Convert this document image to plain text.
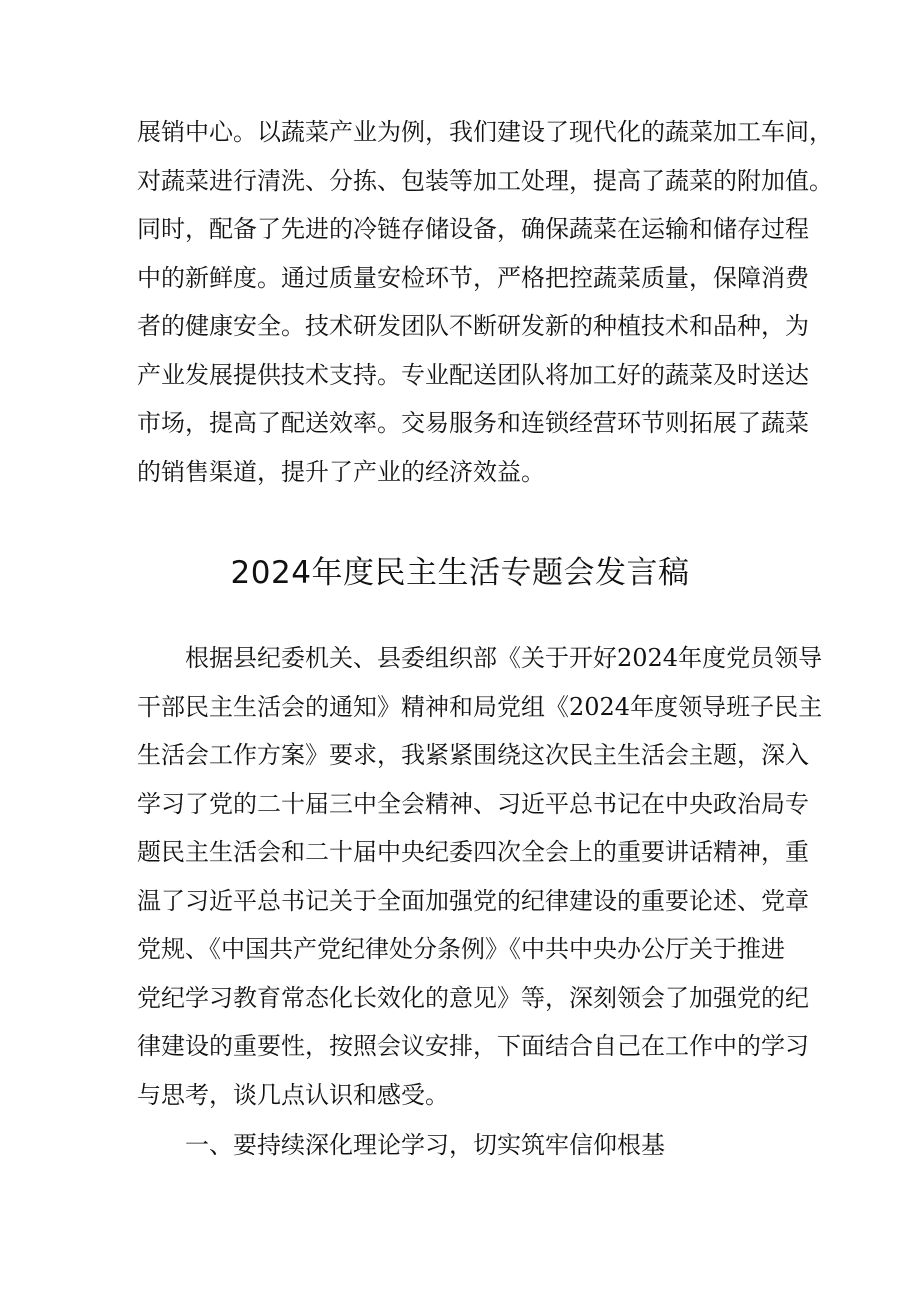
展销中心。以蔬菜产业为例，我们建设了现代化的蔬菜加工车间，
对蔬菜进行清洗、分拣、包装等加工处理，提高了蔬菜的附加值。
同时，配备了先进的冷链存储设备，确保蔬菜在运输和储存过程
中的新鲜度。通过质量安检环节，严格把控蔬菜质量，保障消费
者的健康安全。技术研发团队不断研发新的种植技术和品种，为
产业发展提供技术支持。专业配送团队将加工好的蔬菜及时送达
市场，提高了配送效率。交易服务和连锁经营环节则拓展了蔬菜
的销售渠道，提升了产业的经济效益。
2024年度民主生活专题会发言稿
根据县纪委机关、县委组织部《关于开好2024年度党员领导
干部民主生活会的通知》精神和局党组《2024年度领导班子民主
生活会工作方案》要求，我紧紧围绕这次民主生活会主题，深入
学习了党的二十届三中全会精神、习近平总书记在中央政治局专
题民主生活会和二十届中央纪委四次全会上的重要讲话精神，重
温了习近平总书记关于全面加强党的纪律建设的重要论述、党章
党规、《中国共产党纪律处分条例》《中共中央办公厅关于推进
党纪学习教育常态化长效化的意见》等，深刻领会了加强党的纪
律建设的重要性，按照会议安排，下面结合自己在工作中的学习
与思考，谈几点认识和感受。
一、要持续深化理论学习，切实筑牢信仰根基
